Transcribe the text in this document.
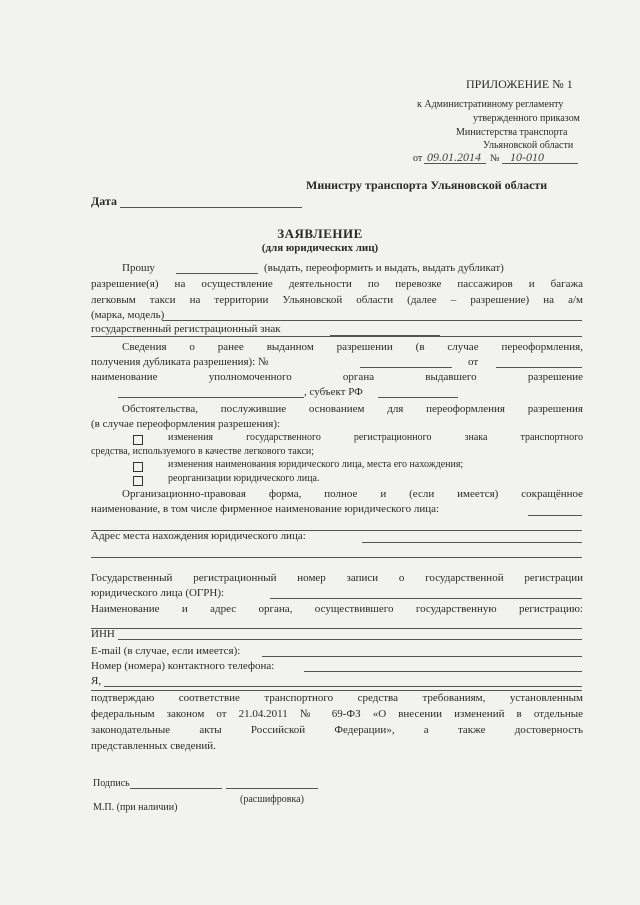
ПРИЛОЖЕНИЕ № 1
к Административному регламенту
утвержденного приказом
Министерства транспорта
Ульяновской области
от 09.01.2014 № 10-010
Министру транспорта Ульяновской области
Дата
ЗАЯВЛЕНИЕ
(для юридических лиц)
Прошу	(выдать, переоформить и выдать, выдать дубликат)
разрешение(я) на осуществление деятельности по перевозке пассажиров и багажа
легковым такси на территории Ульяновской области (далее – разрешение) на а/м
(марка, модель)
государственный регистрационный знак
Сведения о ранее выданном разрешении (в случае переоформления,
получения дубликата разрешения): №	от
наименование уполномоченного органа выдавшего разрешение
, субъект РФ
Обстоятельства, послужившие основанием для переоформления разрешения
(в случае переоформления разрешения):
изменения государственного регистрационного знака транспортного
средства, используемого в качестве легкового такси;
изменения наименования юридического лица, места его нахождения;
реорганизации юридического лица.
Организационно-правовая форма, полное и (если имеется) сокращённое
наименование, в том числе фирменное наименование юридического лица:
Адрес места нахождения юридического лица:
Государственный регистрационный номер записи о государственной регистрации
юридического лица (ОГРН):
Наименование и адрес органа, осуществившего государственную регистрацию:
ИНН
E-mail (в случае, если имеется):
Номер (номера) контактного телефона:
Я,
подтверждаю соответствие транспортного средства требованиям, установленным
федеральным законом от 21.04.2011 № 69-ФЗ «О внесении изменений в отдельные
законодательные акты Российской Федерации», а также достоверность
представленных сведений.
Подпись
(расшифровка)
М.П. (при наличии)
